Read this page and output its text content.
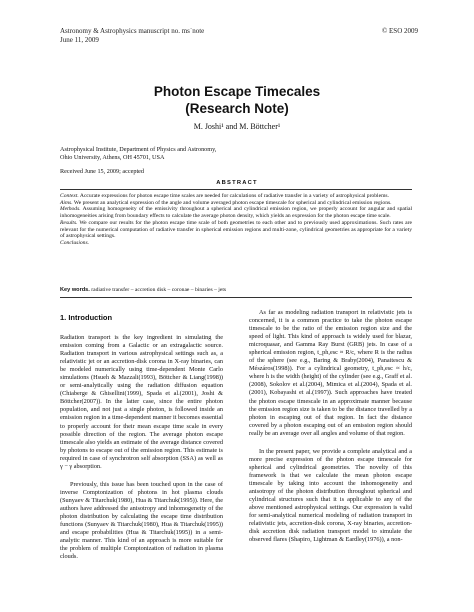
Astronomy & Astrophysics manuscript no. ms˙note
June 11, 2009
© ESO 2009
Photon Escape Timecales
(Research Note)
M. Joshi¹ and M. Böttcher¹
Astrophysical Institute, Department of Physics and Astronomy,
Ohio University, Athens, OH 45701, USA
Received June 15, 2009; accepted
ABSTRACT

Context. Accurate expressions for photon escape time scales are needed for calculations of radiative transfer in a variety of astrophysical problems.

Aims. We present an analytical expression of the angle and volume averaged photon escape timescale for spherical and cylindrical emission regions.

Methods. Assuming homogeneity of the emissivity throughout a spherical and cylindrical emission region, we properly account for angular and spatial inhomogeneities arising from boundary effects to calculate the average photon density, which yields an expression for the photon escape time scale.

Results. We compare our results for the photon escape time scale of both geometries to each other and to previously used approximations. Such rates are relevant for the numerical computation of radiative transfer in spherical emission regions and multi-zone, cylindrical geometries as appropriate for a variety of astrophysical settings.

Conclusions.

Key words. radiative transfer – accretion disk – coronae – binaries – jets

1. Introduction

Radiation transport is the key ingredient in simulating the emission coming from a Galactic or an extragalactic source. Radiation transport in various astrophysical settings such as, a relativistic jet or an accretion-disk corona in X-ray binaries, can be modeled numerically using time-dependent Monte Carlo simulations (Hsueh & Mazzali(1993), Böttcher & Liang(1998)) or semi-analytically using the radiation diffusion equation (Chiaberge & Ghisellini(1999), Spada et al.(2001), Joshi & Böttcher(2007)). In the latter case, since the entire photon population, and not just a single photon, is followed inside an emission region in a time-dependent manner it becomes essential to properly account for their mean escape time scale in every possible direction of the region. The average photon escape timescale also yields an estimate of the average distance covered by photons to escape out of the emission region. This estimate is required in case of synchrotron self absorption (SSA) as well as γ − γ absorption.

Previously, this issue has been touched upon in the case of inverse Comptonization of photons in hot plasma clouds (Sunyaev & Titarchuk(1980), Hua & Titarchuk(1995)). Here, the authors have addressed the anisotropy and inhomogeneity of the photon distribution by calculating the escape time distribution functions (Sunyaev & Titarchuk(1980), Hua & Titarchuk(1995)) and escape probabilities (Hua & Titarchuk(1995)) in a semi-analytic manner. This kind of an approach is more suitable for the problem of multiple Comptonization of radiation in plasma clouds.

As far as modeling radiation transport in relativistic jets is concerned, it is a common practice to take the photon escape timescale to be the ratio of the emission region size and the speed of light. This kind of approach is widely used for blazar, microquasar, and Gamma Ray Burst (GRB) jets. In case of a spherical emission region, t_ph,esc ≈ R/c, where R is the radius of the sphere (see e.g., Baring & Braby(2004), Panaitescu & Mészáros(1998)). For a cylindrical geometry, t_ph,esc ≈ h/c, where h is the width (height) of the cylinder (see e.g., Graff et al.(2008), Sokolov et al.(2004), Mimica et al.(2004), Spada et al.(2001), Kobayashi et al.(1997)). Such approaches have treated the photon escape timescale in an approximate manner because the emission region size is taken to be the distance travelled by a photon in escaping out of that region. In fact the distance covered by a photon escaping out of an emission region should really be an average over all angles and volume of that region.

In the present paper, we provide a complete analytical and a more precise expression of the photon escape timescale for spherical and cylindrical geometries. The novelty of this framework is that we calculate the mean photon escape timescale by taking into account the inhomogeneity and anisotropy of the photon distribution throughout spherical and cylindrical structures such that it is applicable to any of the above mentioned astrophysical settings. Our expression is valid for semi-analytical numerical modeling of radiation transport in relativistic jets, accretion-disk corona, X-ray binaries, accretion-disk accretion disk radiation transport model to simulate the observed flares (Shapiro, Lightman & Eardley(1976)), a non-
